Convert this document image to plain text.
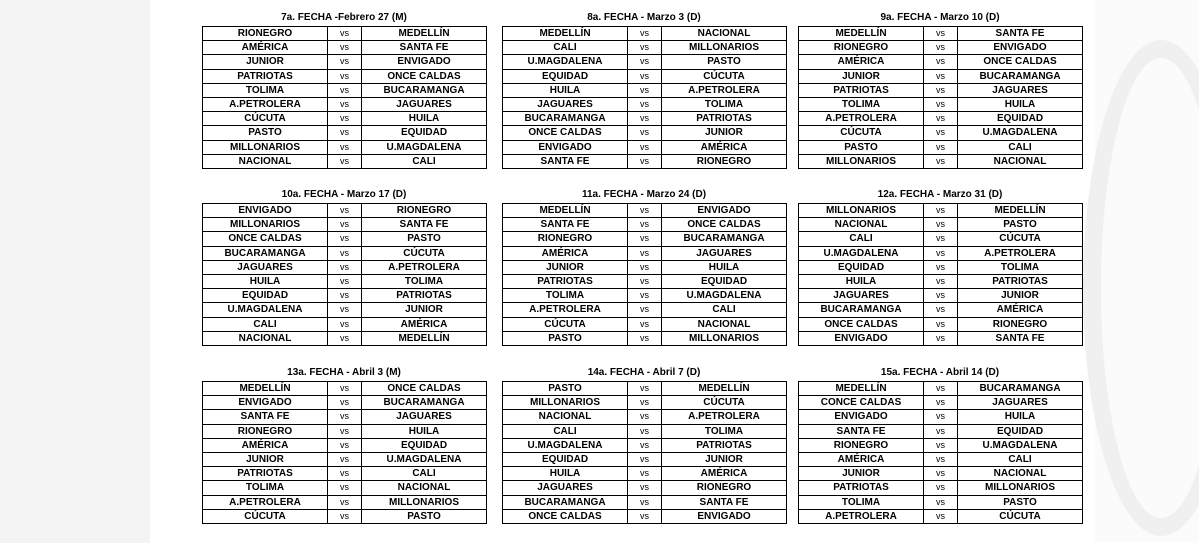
7a. FECHA -Febrero 27 (M)
RIONEGRO	vs	MEDELLÍN
AMÉRICA	vs	SANTA FE
JUNIOR	vs	ENVIGADO
PATRIOTAS	vs	ONCE CALDAS
TOLIMA	vs	BUCARAMANGA
A.PETROLERA	vs	JAGUARES
CÚCUTA	vs	HUILA
PASTO	vs	EQUIDAD
MILLONARIOS	vs	U.MAGDALENA
NACIONAL	vs	CALI
8a. FECHA - Marzo 3 (D)
MEDELLÍN	vs	NACIONAL
CALI	vs	MILLONARIOS
U.MAGDALENA	vs	PASTO
EQUIDAD	vs	CÚCUTA
HUILA	vs	A.PETROLERA
JAGUARES	vs	TOLIMA
BUCARAMANGA	vs	PATRIOTAS
ONCE CALDAS	vs	JUNIOR
ENVIGADO	vs	AMÉRICA
SANTA FE	vs	RIONEGRO
9a. FECHA - Marzo 10 (D)
MEDELLÍN	vs	SANTA FE
RIONEGRO	vs	ENVIGADO
AMÉRICA	vs	ONCE CALDAS
JUNIOR	vs	BUCARAMANGA
PATRIOTAS	vs	JAGUARES
TOLIMA	vs	HUILA
A.PETROLERA	vs	EQUIDAD
CÚCUTA	vs	U.MAGDALENA
PASTO	vs	CALI
MILLONARIOS	vs	NACIONAL
10a. FECHA - Marzo 17 (D)
ENVIGADO	vs	RIONEGRO
MILLONARIOS	vs	SANTA FE
ONCE CALDAS	vs	PASTO
BUCARAMANGA	vs	CÚCUTA
JAGUARES	vs	A.PETROLERA
HUILA	vs	TOLIMA
EQUIDAD	vs	PATRIOTAS
U.MAGDALENA	vs	JUNIOR
CALI	vs	AMÉRICA
NACIONAL	vs	MEDELLÍN
11a. FECHA - Marzo 24 (D)
MEDELLÍN	vs	ENVIGADO
SANTA FE	vs	ONCE CALDAS
RIONEGRO	vs	BUCARAMANGA
AMÉRICA	vs	JAGUARES
JUNIOR	vs	HUILA
PATRIOTAS	vs	EQUIDAD
TOLIMA	vs	U.MAGDALENA
A.PETROLERA	vs	CALI
CÚCUTA	vs	NACIONAL
PASTO	vs	MILLONARIOS
12a. FECHA - Marzo 31 (D)
MILLONARIOS	vs	MEDELLÍN
NACIONAL	vs	PASTO
CALI	vs	CÚCUTA
U.MAGDALENA	vs	A.PETROLERA
EQUIDAD	vs	TOLIMA
HUILA	vs	PATRIOTAS
JAGUARES	vs	JUNIOR
BUCARAMANGA	vs	AMÉRICA
ONCE CALDAS	vs	RIONEGRO
ENVIGADO	vs	SANTA FE
13a. FECHA - Abril 3 (M)
MEDELLÍN	vs	ONCE CALDAS
ENVIGADO	vs	BUCARAMANGA
SANTA FE	vs	JAGUARES
RIONEGRO	vs	HUILA
AMÉRICA	vs	EQUIDAD
JUNIOR	vs	U.MAGDALENA
PATRIOTAS	vs	CALI
TOLIMA	vs	NACIONAL
A.PETROLERA	vs	MILLONARIOS
CÚCUTA	vs	PASTO
14a. FECHA - Abril 7 (D)
PASTO	vs	MEDELLÍN
MILLONARIOS	vs	CÚCUTA
NACIONAL	vs	A.PETROLERA
CALI	vs	TOLIMA
U.MAGDALENA	vs	PATRIOTAS
EQUIDAD	vs	JUNIOR
HUILA	vs	AMÉRICA
JAGUARES	vs	RIONEGRO
BUCARAMANGA	vs	SANTA FE
ONCE CALDAS	vs	ENVIGADO
15a. FECHA - Abril 14 (D)
MEDELLÍN	vs	BUCARAMANGA
CONCE CALDAS	vs	JAGUARES
ENVIGADO	vs	HUILA
SANTA FE	vs	EQUIDAD
RIONEGRO	vs	U.MAGDALENA
AMÉRICA	vs	CALI
JUNIOR	vs	NACIONAL
PATRIOTAS	vs	MILLONARIOS
TOLIMA	vs	PASTO
A.PETROLERA	vs	CÚCUTA
